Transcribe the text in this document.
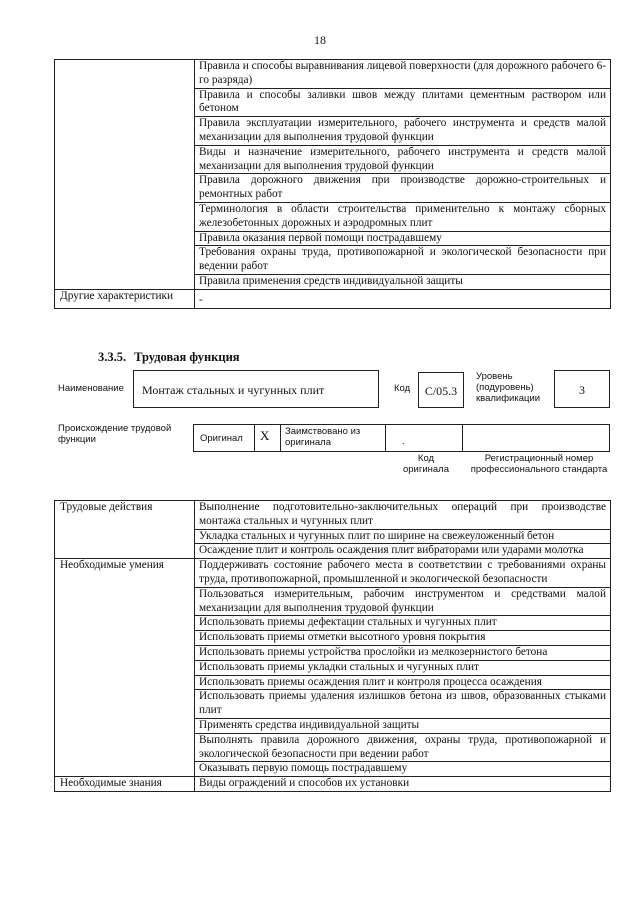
18
	Правила и способы выравнивания лицевой поверхности (для дорожного рабочего 6-го разряда)
	Правила и способы заливки швов между плитами цементным раствором или бетоном
	Правила эксплуатации измерительного, рабочего инструмента и средств малой механизации для выполнения трудовой функции
	Виды и назначение измерительного, рабочего инструмента и средств малой механизации для выполнения трудовой функции
	Правила дорожного движения при производстве дорожно-строительных и ремонтных работ
	Терминология в области строительства применительно к монтажу сборных железобетонных дорожных и аэродромных плит
	Правила оказания первой помощи пострадавшему
	Требования охраны труда, противопожарной и экологической безопасности при ведении работ
	Правила применения средств индивидуальной защиты
Другие характеристики	-
3.3.5. Трудовая функция
Наименование	Монтаж стальных и чугунных плит	Код	C/05.3
Уровень (подуровень) квалификации
3
Происхождение трудовой функции	Оригинал X Заимствовано из оригинала	.
Код оригинала
Регистрационный номер профессионального стандарта
Трудовые действия	Выполнение подготовительно-заключительных операций при производстве монтажа стальных и чугунных плит
	Укладка стальных и чугунных плит по ширине на свежеуложенный бетон
	Осаждение плит и контроль осаждения плит вибраторами или ударами молотка
Необходимые умения	Поддерживать состояние рабочего места в соответствии с требованиями охраны труда, противопожарной, промышленной и экологической безопасности
	Пользоваться измерительным, рабочим инструментом и средствами малой механизации для выполнения трудовой функции
	Использовать приемы дефектации стальных и чугунных плит
	Использовать приемы отметки высотного уровня покрытия
	Использовать приемы устройства прослойки из мелкозернистого бетона
	Использовать приемы укладки стальных и чугунных плит
	Использовать приемы осаждения плит и контроля процесса осаждения
	Использовать приемы удаления излишков бетона из швов, образованных стыками плит
	Применять средства индивидуальной защиты
	Выполнять правила дорожного движения, охраны труда, противопожарной и экологической безопасности при ведении работ
	Оказывать первую помощь пострадавшему
Необходимые знания	Виды ограждений и способов их установки
